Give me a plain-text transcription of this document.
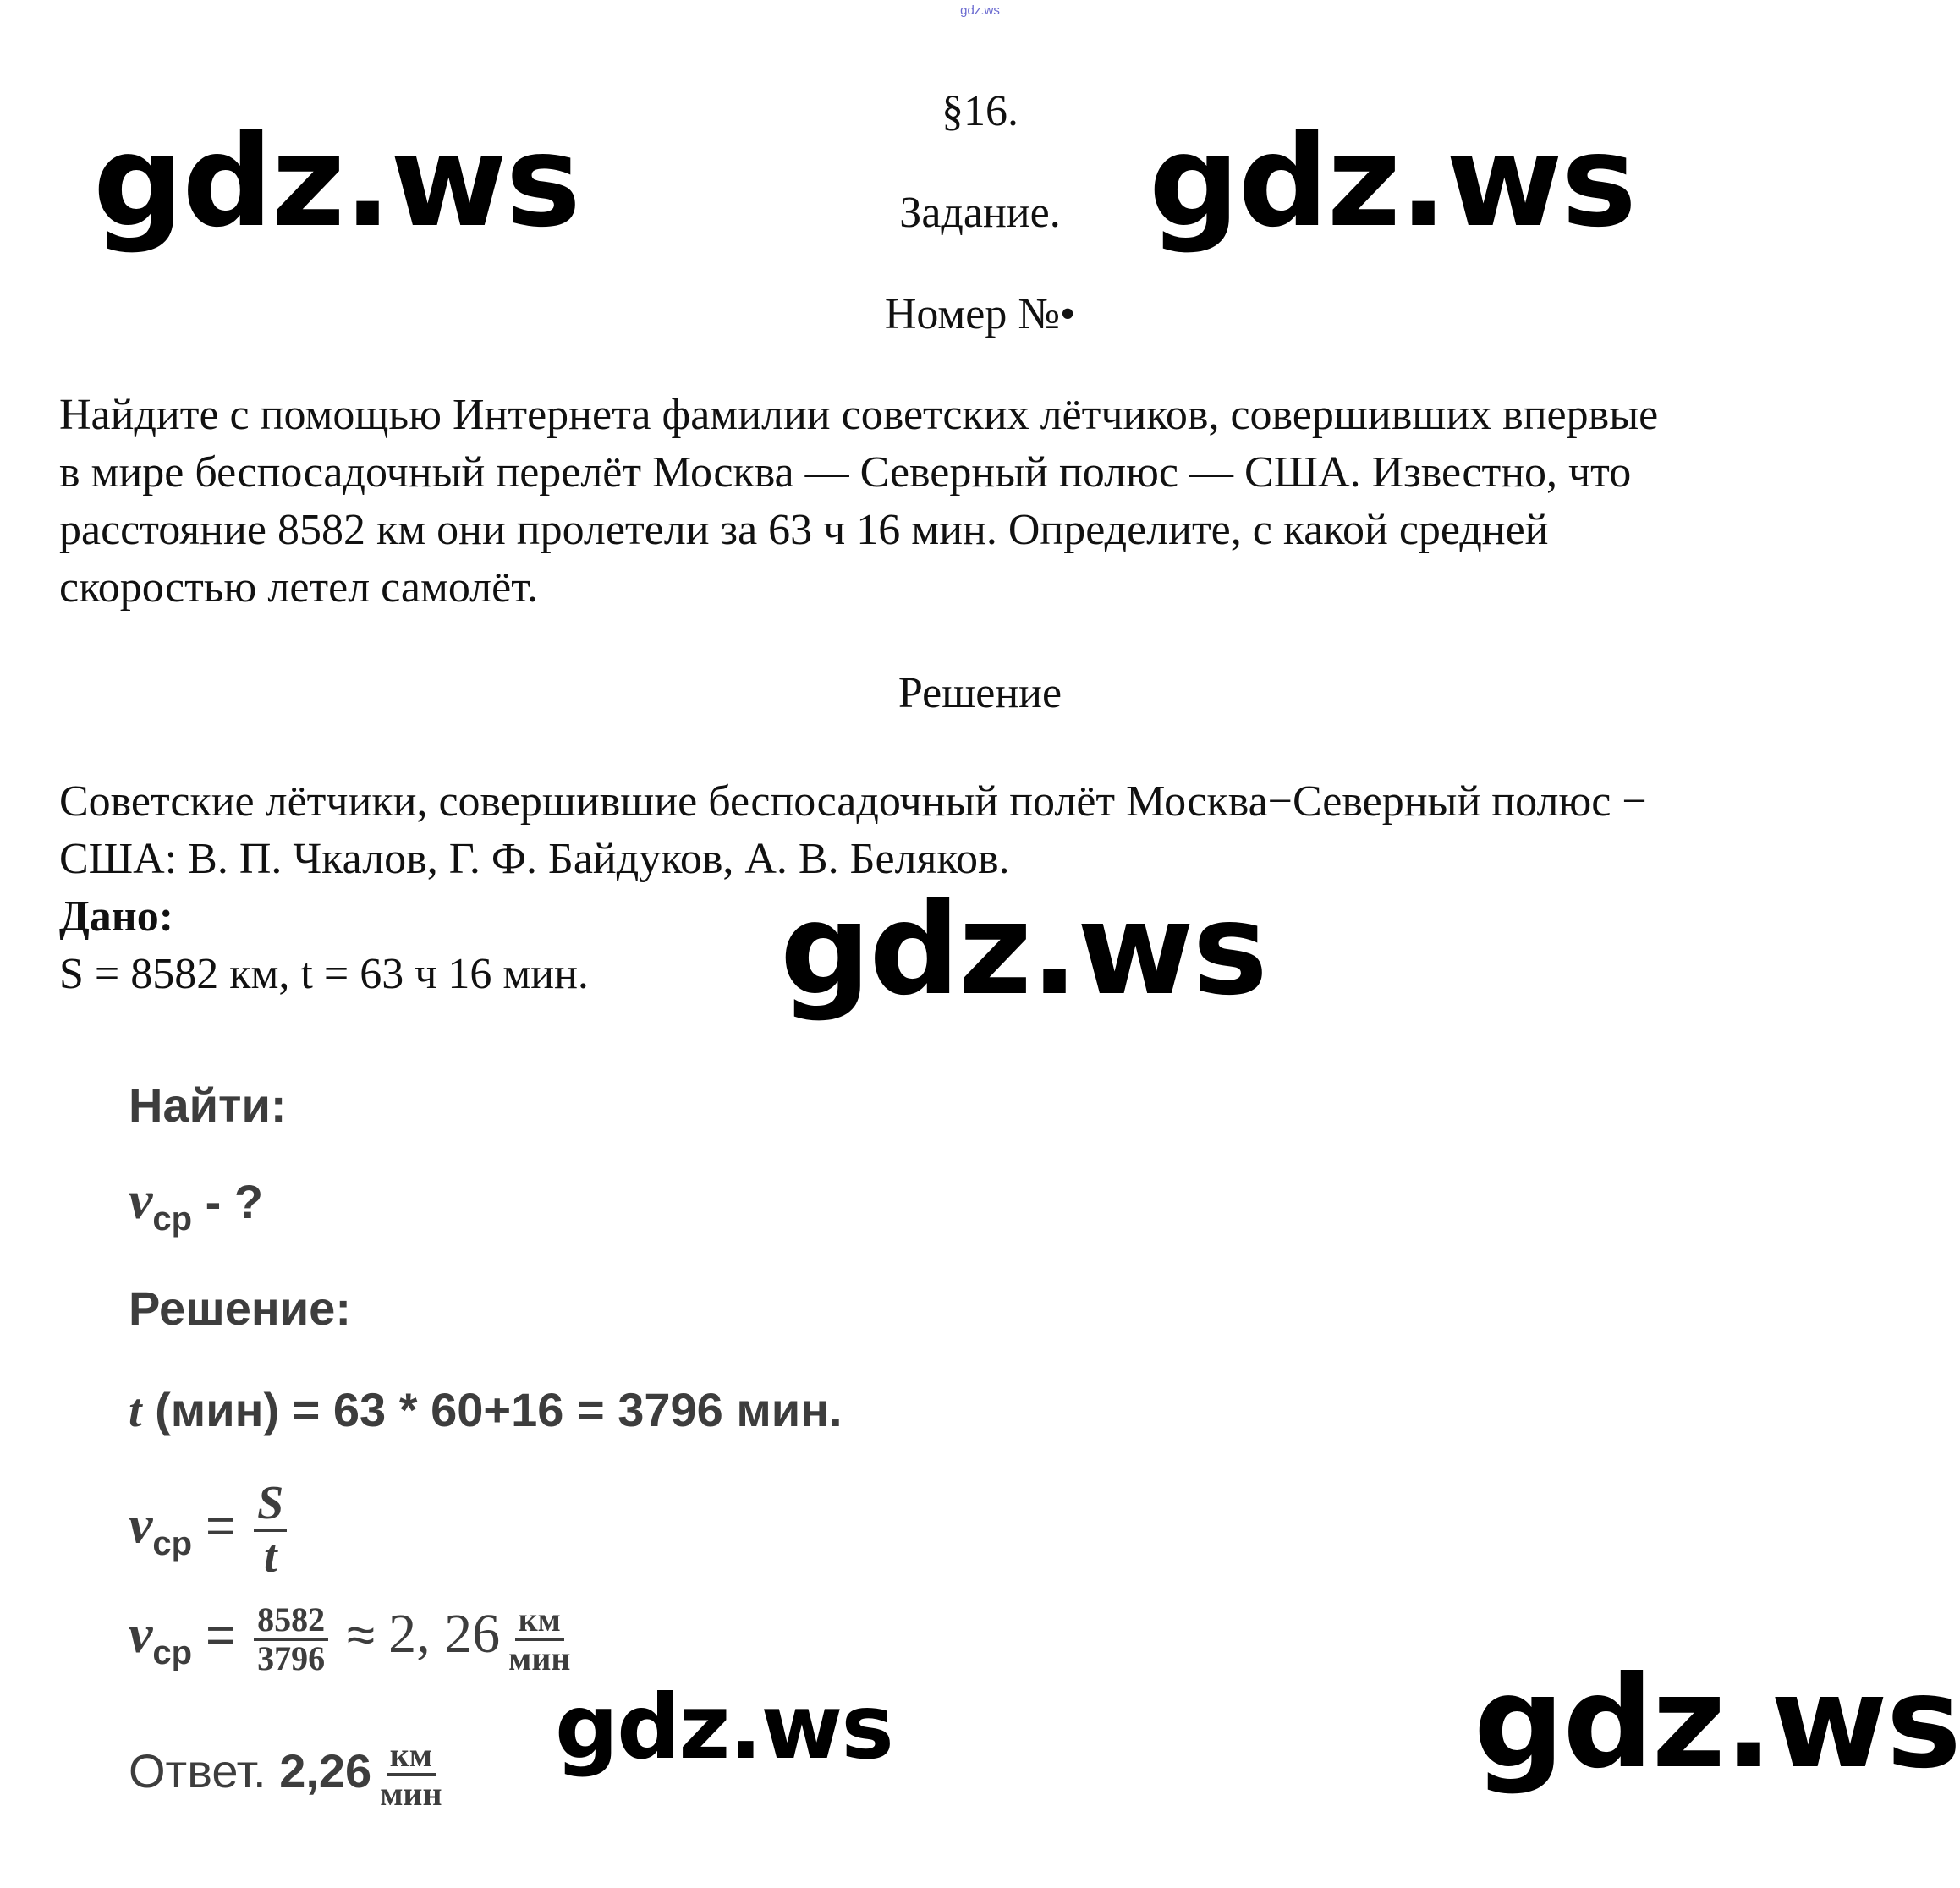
gdz.ws
§16.
Задание.
Номер №•
gdz.ws	gdz.ws
gdz.ws
gdz.ws	gdz.ws
Найдите с помощью Интернета фамилии советских лётчиков, совершивших впервые
в мире беспосадочный перелёт Москва — Северный полюс — США. Известно, что
расстояние 8582 км они пролетели за 63 ч 16 мин. Определите, с какой средней
скоростью летел самолёт.
Решение
Советские лётчики, совершившие беспосадочный полёт Москва−Северный полюс −
США: В. П. Чкалов, Г. Ф. Байдуков, А. В. Беляков.
Дано:
S = 8582 км, t = 63 ч 16 мин.
Найти:
$v_{ср}$ - ?
Решение:
t (мин) = 63 * 60+16 = 3796 мин.
$v_{ср} = \frac{S}{t}$
$v_{ср} = \frac{8582}{3796} \approx 2$, $26 \frac{км}{\text{мин}}$
Ответ. $2,26 \frac{км}{\text{мин}}$
